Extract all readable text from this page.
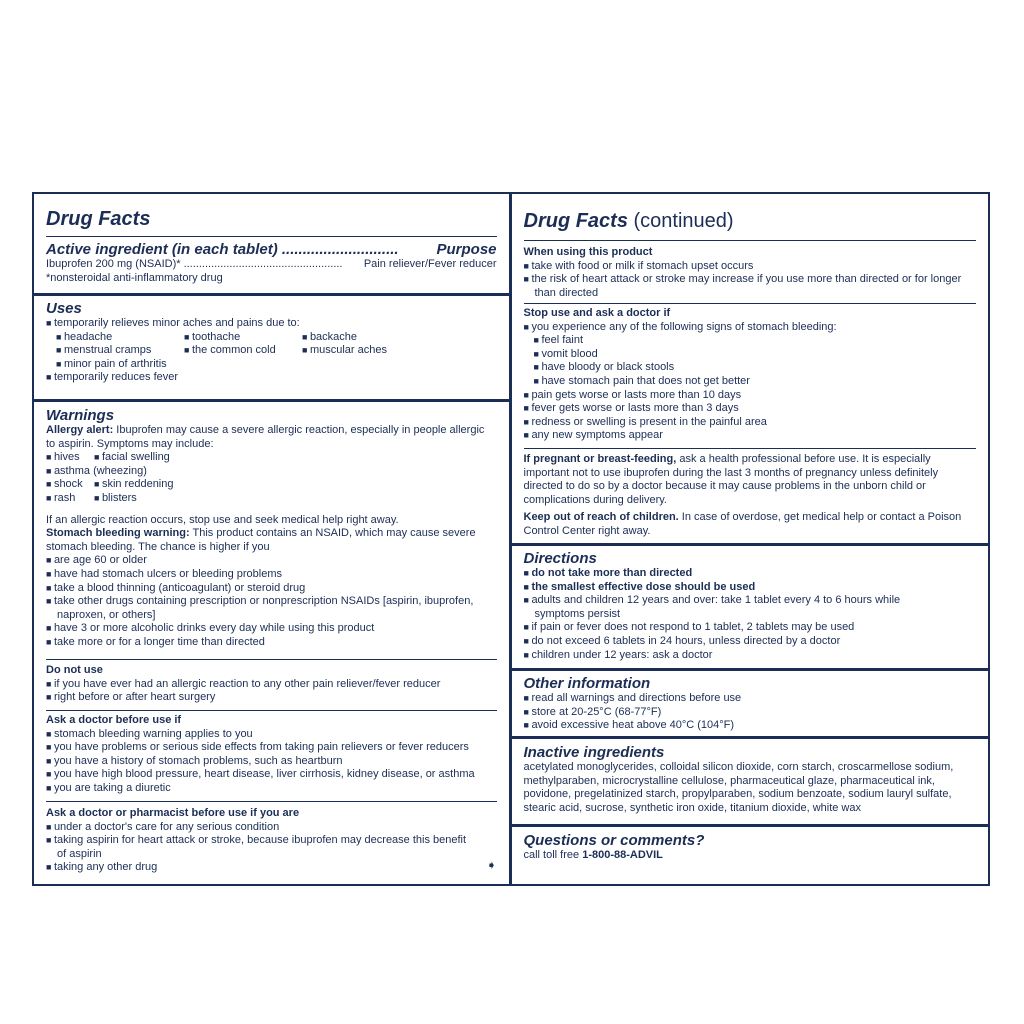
Drug Facts
Active ingredient (in each tablet) ............................	Purpose
Ibuprofen 200 mg (NSAID)* .................................................... Pain reliever/Fever reducer
*nonsteroidal anti-inflammatory drug
Uses
■ temporarily relieves minor aches and pains due to:
■ headache	■ toothache	■ backache
■ menstrual cramps	■ the common cold	■ muscular aches
■ minor pain of arthritis
■ temporarily reduces fever
Warnings
Allergy alert: Ibuprofen may cause a severe allergic reaction, especially in people allergic to aspirin. Symptoms may include:
■ hives	■ facial swelling
■ asthma (wheezing)
■ shock	■ skin reddening
■ rash	■ blisters
If an allergic reaction occurs, stop use and seek medical help right away.
Stomach bleeding warning: This product contains an NSAID, which may cause severe stomach bleeding. The chance is higher if you
■ are age 60 or older
■ have had stomach ulcers or bleeding problems
■ take a blood thinning (anticoagulant) or steroid drug
■ take other drugs containing prescription or nonprescription NSAIDs [aspirin, ibuprofen, naproxen, or others]
■ have 3 or more alcoholic drinks every day while using this product
■ take more or for a longer time than directed
Do not use
■ if you have ever had an allergic reaction to any other pain reliever/fever reducer
■ right before or after heart surgery
Ask a doctor before use if
■ stomach bleeding warning applies to you
■ you have problems or serious side effects from taking pain relievers or fever reducers
■ you have a history of stomach problems, such as heartburn
■ you have high blood pressure, heart disease, liver cirrhosis, kidney disease, or asthma
■ you are taking a diuretic
Ask a doctor or pharmacist before use if you are
■ under a doctor's care for any serious condition
■ taking aspirin for heart attack or stroke, because ibuprofen may decrease this benefit of aspirin
■ taking any other drug	➧
Drug Facts (continued)
When using this product
■ take with food or milk if stomach upset occurs
■ the risk of heart attack or stroke may increase if you use more than directed or for longer than directed
Stop use and ask a doctor if
■ you experience any of the following signs of stomach bleeding:
■ feel faint
■ vomit blood
■ have bloody or black stools
■ have stomach pain that does not get better
■ pain gets worse or lasts more than 10 days
■ fever gets worse or lasts more than 3 days
■ redness or swelling is present in the painful area
■ any new symptoms appear
If pregnant or breast-feeding, ask a health professional before use. It is especially important not to use ibuprofen during the last 3 months of pregnancy unless definitely directed to do so by a doctor because it may cause problems in the unborn child or complications during delivery.
Keep out of reach of children. In case of overdose, get medical help or contact a Poison Control Center right away.
Directions
■ do not take more than directed
■ the smallest effective dose should be used
■ adults and children 12 years and over: take 1 tablet every 4 to 6 hours while symptoms persist
■ if pain or fever does not respond to 1 tablet, 2 tablets may be used
■ do not exceed 6 tablets in 24 hours, unless directed by a doctor
■ children under 12 years: ask a doctor
Other information
■ read all warnings and directions before use
■ store at 20-25°C (68-77°F)
■ avoid excessive heat above 40°C (104°F)
Inactive ingredients
acetylated monoglycerides, colloidal silicon dioxide, corn starch, croscarmellose sodium, methylparaben, microcrystalline cellulose, pharmaceutical glaze, pharmaceutical ink, povidone, pregelatinized starch, propylparaben, sodium benzoate, sodium lauryl sulfate, stearic acid, sucrose, synthetic iron oxide, titanium dioxide, white wax
Questions or comments?
call toll free 1-800-88-ADVIL
